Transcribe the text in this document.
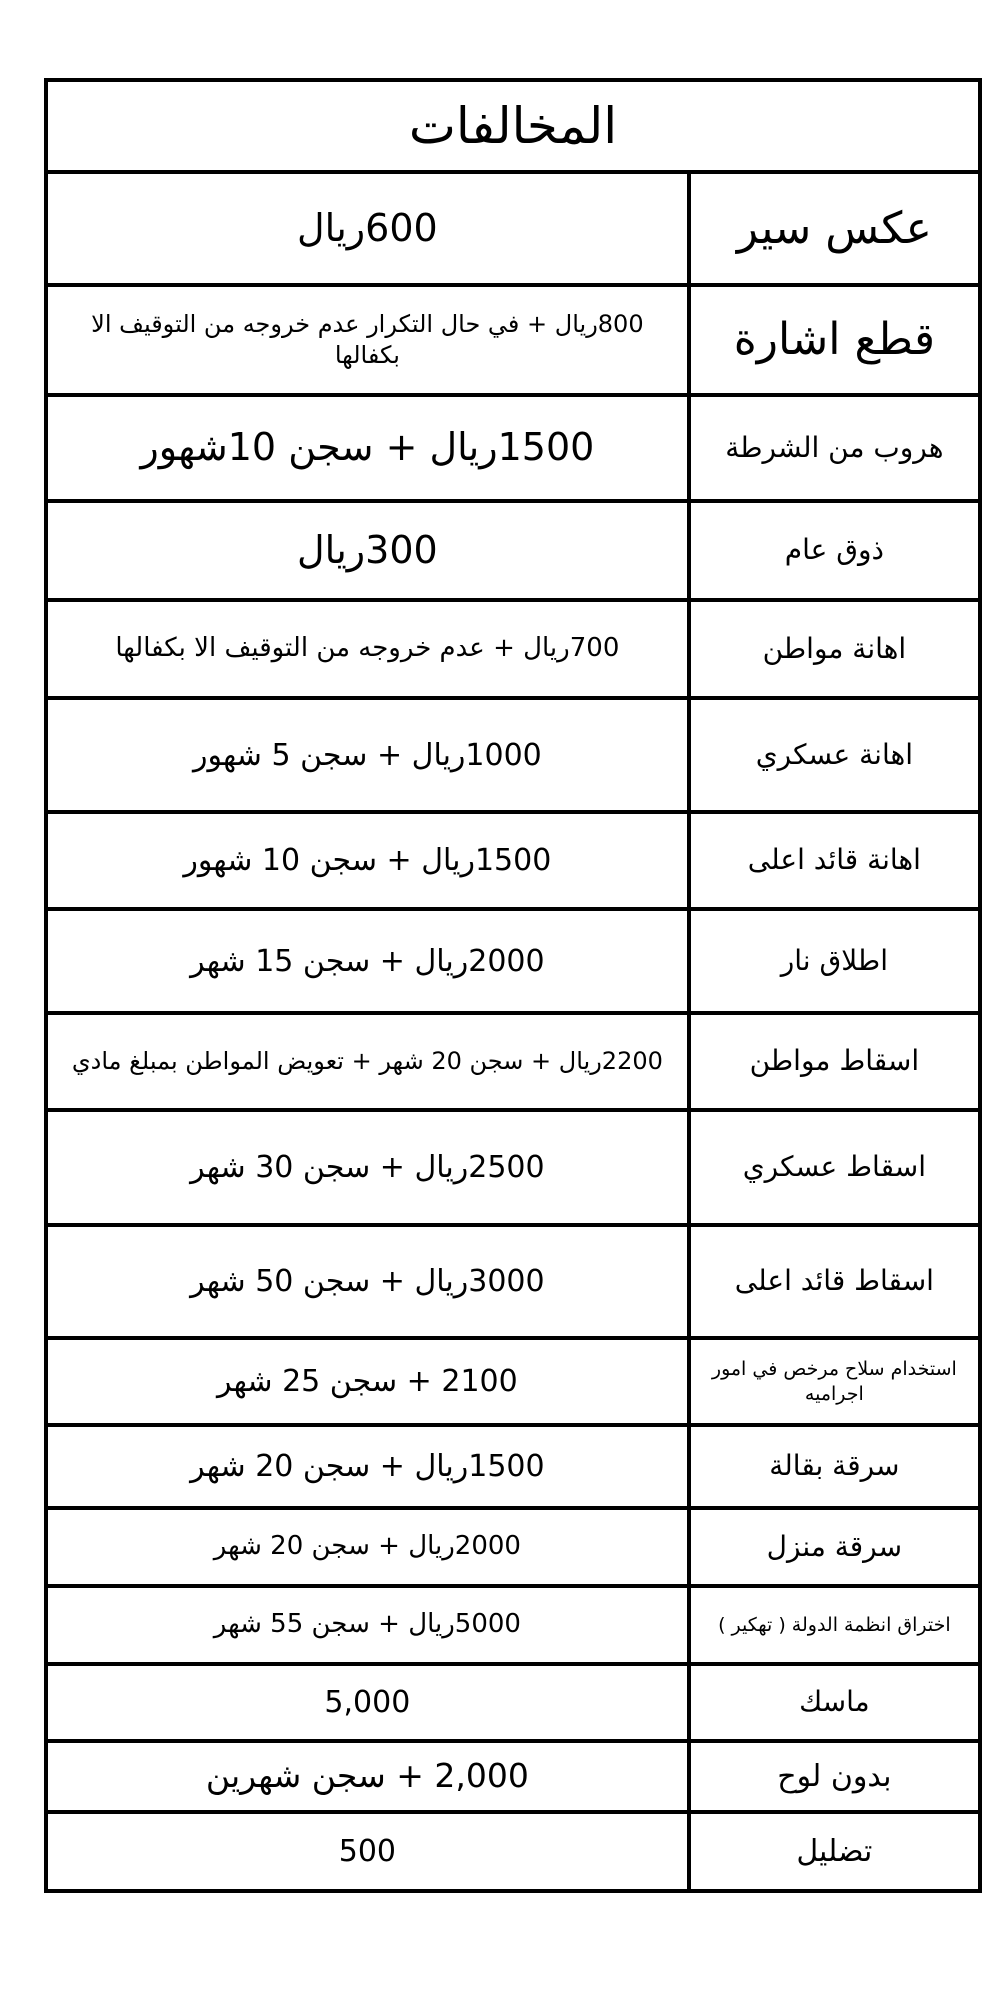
المخالفات	
600ريال	عكس سير
800ريال + في حال التكرار عدم خروجه من التوقيف الا بكفالها	قطع اشارة
1500ريال + سجن 10شهور	هروب من الشرطة
300ريال	ذوق عام
700ريال + عدم خروجه من التوقيف الا بكفالها	اهانة مواطن
1000ريال + سجن 5 شهور	اهانة عسكري
1500ريال + سجن 10 شهور	اهانة قائد اعلى
2000ريال + سجن 15 شهر	اطلاق نار
2200ريال + سجن 20 شهر + تعويض المواطن بمبلغ مادي	اسقاط مواطن
2500ريال + سجن 30 شهر	اسقاط عسكري
3000ريال + سجن 50 شهر	اسقاط قائد اعلى
2100 + سجن 25 شهر	استخدام سلاح مرخص في امور اجراميه
1500ريال + سجن 20 شهر	سرقة بقالة
2000ريال + سجن 20 شهر	سرقة منزل
5000ريال + سجن 55 شهر	اختراق انظمة الدولة ( تهكير )
5,000	ماسك
2,000 + سجن شهرين	بدون لوح
500	تضليل
